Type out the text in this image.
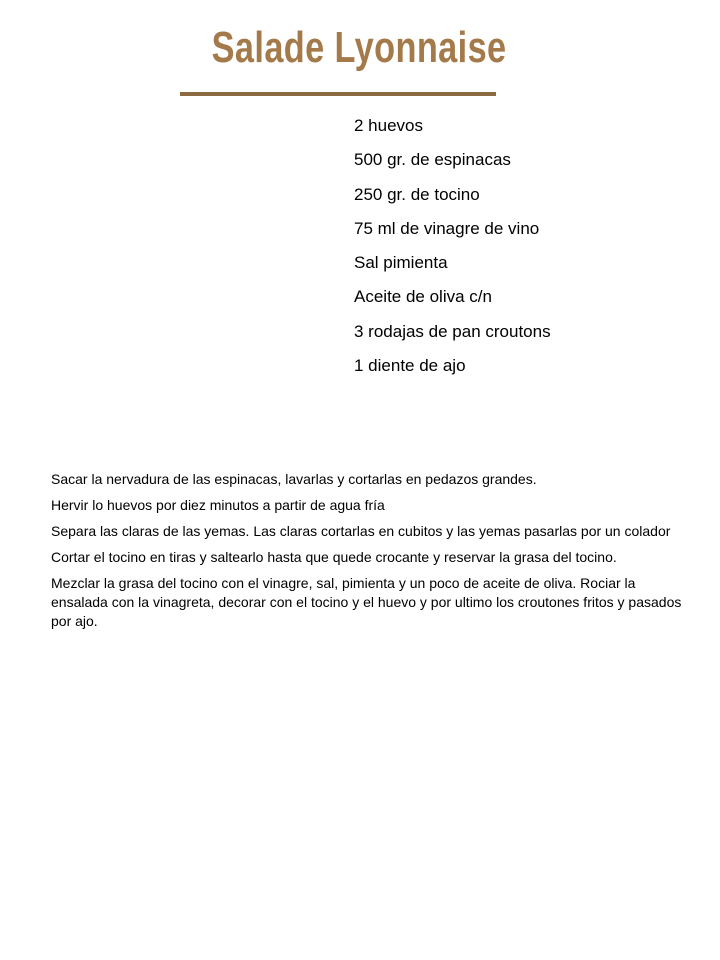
Salade Lyonnaise
2 huevos
500 gr. de espinacas
250 gr. de tocino
75 ml de vinagre de vino
Sal pimienta
Aceite de oliva c/n
3 rodajas de pan croutons
1 diente de ajo

Sacar la nervadura de las espinacas, lavarlas y cortarlas en pedazos grandes.

Hervir lo huevos por diez minutos a partir de agua fría

Separa las claras de las yemas. Las claras cortarlas en cubitos y las yemas pasarlas por un colador

Cortar el tocino en tiras y saltearlo hasta que quede crocante y reservar la grasa del tocino.

Mezclar la grasa del tocino con el vinagre, sal, pimienta y un poco de aceite de oliva. Rociar la ensalada con la vinagreta, decorar con el tocino y el huevo y por ultimo los croutones fritos y pasados por ajo.
